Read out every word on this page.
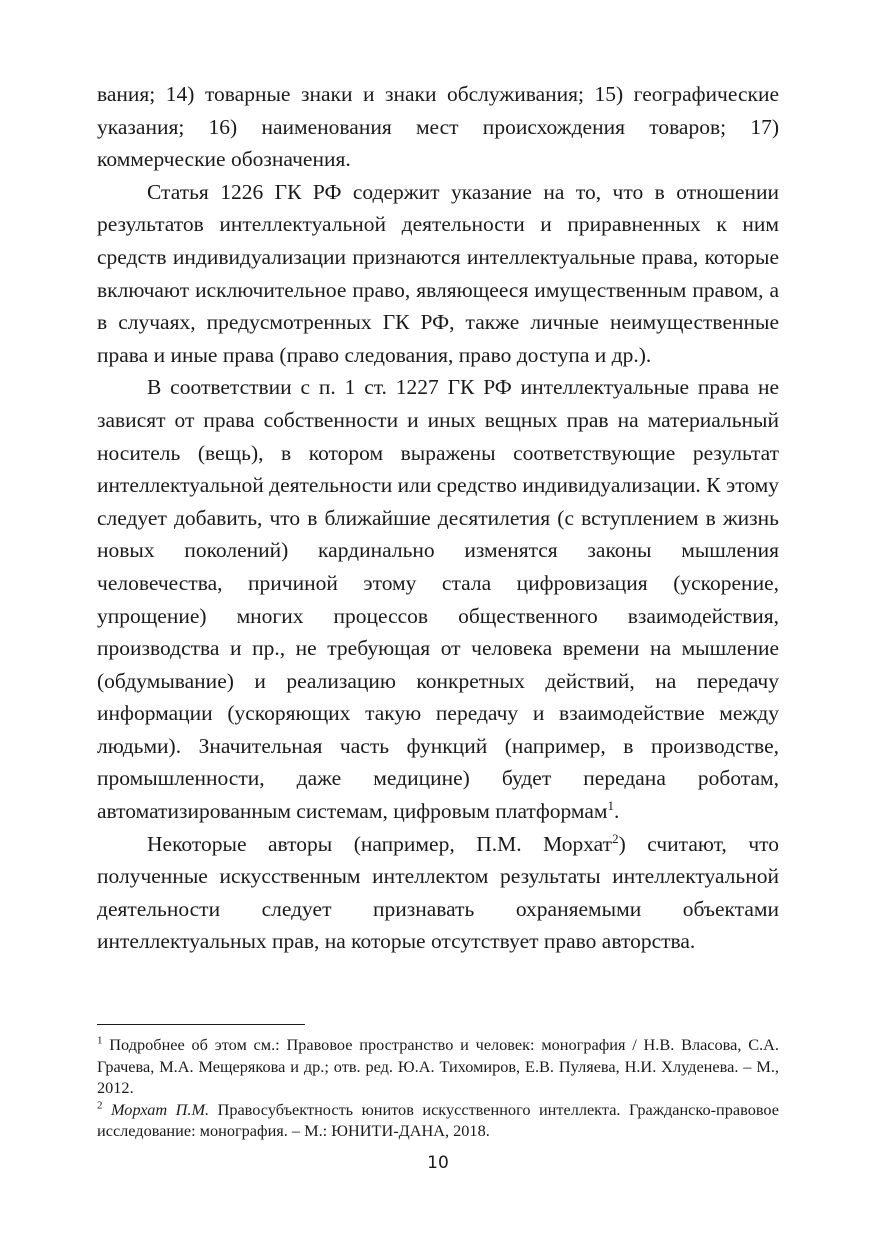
вания; 14) товарные знаки и знаки обслуживания; 15) географические указания; 16) наименования мест происхождения товаров; 17) коммерческие обозначения.

Статья 1226 ГК РФ содержит указание на то, что в отношении результатов интеллектуальной деятельности и приравненных к ним средств индивидуализации признаются интеллектуальные права, которые включают исключительное право, являющееся имущественным правом, а в случаях, предусмотренных ГК РФ, также личные неимущественные права и иные права (право следования, право доступа и др.).

В соответствии с п. 1 ст. 1227 ГК РФ интеллектуальные права не зависят от права собственности и иных вещных прав на материальный носитель (вещь), в котором выражены соответствующие результат интеллектуальной деятельности или средство индивидуализации. К этому следует добавить, что в ближайшие десятилетия (с вступлением в жизнь новых поколений) кардинально изменятся законы мышления человечества, причиной этому стала цифровизация (ускорение, упрощение) многих процессов общественного взаимодействия, производства и пр., не требующая от человека времени на мышление (обдумывание) и реализацию конкретных действий, на передачу информации (ускоряющих такую передачу и взаимодействие между людьми). Значительная часть функций (например, в производстве, промышленности, даже медицине) будет передана роботам, автоматизированным системам, цифровым платформам$^1$.

Некоторые авторы (например, П.М. Морхат$^2$) считают, что полученные искусственным интеллектом результаты интеллектуальной деятельности следует признавать охраняемыми объектами интеллектуальных прав, на которые отсутствует право авторства.

$^1$ Подробнее об этом см.: Правовое пространство и человек: монография / Н.В. Власова, С.А. Грачева, М.А. Мещерякова и др.; отв. ред. Ю.А. Тихомиров, Е.В. Пуляева, Н.И. Хлуденева. – М., 2012.

$^2$ Морхат П.М. Правосубъектность юнитов искусственного интеллекта. Гражданско-правовое исследование: монография. – М.: ЮНИТИ-ДАНА, 2018.

10
